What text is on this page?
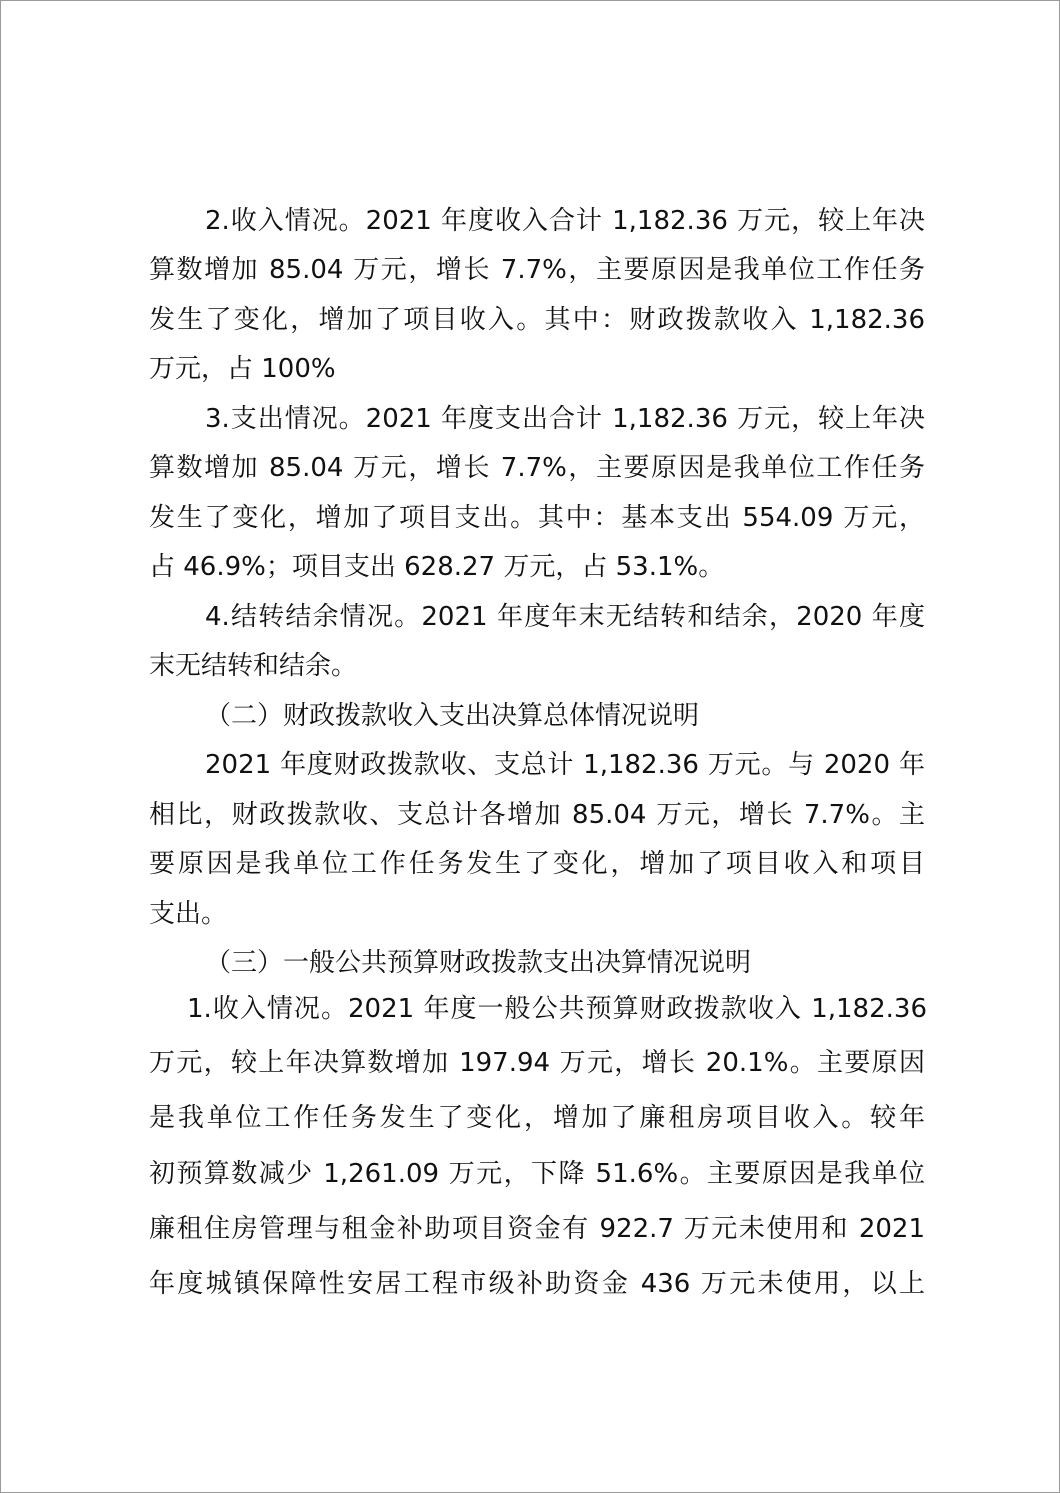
2.收入情况。2021 年度收入合计 1,182.36 万元，较上年决
算数增加 85.04 万元，增长 7.7%，主要原因是我单位工作任务
发生了变化，增加了项目收入。其中：财政拨款收入 1,182.36
万元，占 100%
3.支出情况。2021 年度支出合计 1,182.36 万元，较上年决
算数增加 85.04 万元，增长 7.7%，主要原因是我单位工作任务
发生了变化，增加了项目支出。其中：基本支出 554.09 万元，
占 46.9%；项目支出 628.27 万元，占 53.1%。
4.结转结余情况。2021 年度年末无结转和结余，2020 年度
末无结转和结余。
（二）财政拨款收入支出决算总体情况说明
2021 年度财政拨款收、支总计 1,182.36 万元。与 2020 年
相比，财政拨款收、支总计各增加 85.04 万元，增长 7.7%。主
要原因是我单位工作任务发生了变化，增加了项目收入和项目
支出。
（三）一般公共预算财政拨款支出决算情况说明
1.收入情况。2021 年度一般公共预算财政拨款收入 1,182.36
万元，较上年决算数增加 197.94 万元，增长 20.1%。主要原因
是我单位工作任务发生了变化，增加了廉租房项目收入。较年
初预算数减少 1,261.09 万元，下降 51.6%。主要原因是我单位
廉租住房管理与租金补助项目资金有 922.7 万元未使用和 2021
年度城镇保障性安居工程市级补助资金 436 万元未使用，以上
